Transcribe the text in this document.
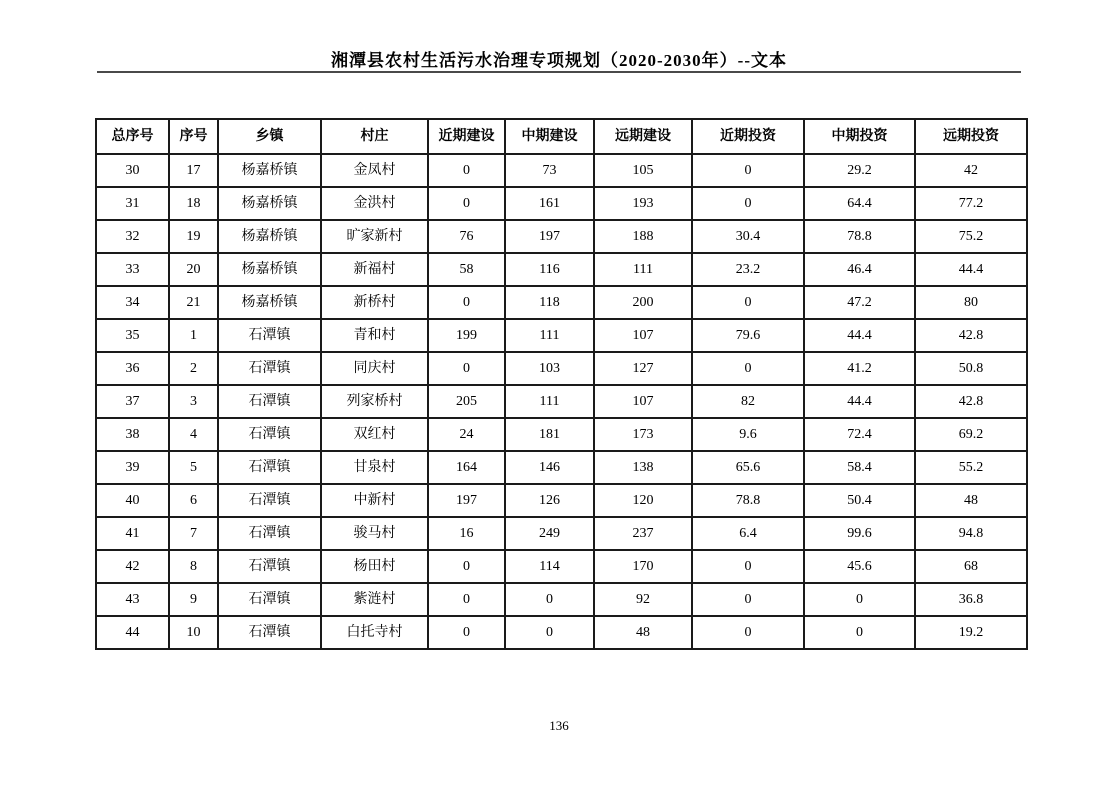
湘潭县农村生活污水治理专项规划（2020-2030年）--文本
总序号	序号	乡镇	村庄	近期建设	中期建设	远期建设	近期投资	中期投资	远期投资
30	17	杨嘉桥镇	金凤村	0	73	105	0	29.2	42
31	18	杨嘉桥镇	金洪村	0	161	193	0	64.4	77.2
32	19	杨嘉桥镇	旷家新村	76	197	188	30.4	78.8	75.2
33	20	杨嘉桥镇	新福村	58	116	111	23.2	46.4	44.4
34	21	杨嘉桥镇	新桥村	0	118	200	0	47.2	80
35	1	石潭镇	青和村	199	111	107	79.6	44.4	42.8
36	2	石潭镇	同庆村	0	103	127	0	41.2	50.8
37	3	石潭镇	列家桥村	205	111	107	82	44.4	42.8
38	4	石潭镇	双红村	24	181	173	9.6	72.4	69.2
39	5	石潭镇	甘泉村	164	146	138	65.6	58.4	55.2
40	6	石潭镇	中新村	197	126	120	78.8	50.4	48
41	7	石潭镇	骏马村	16	249	237	6.4	99.6	94.8
42	8	石潭镇	杨田村	0	114	170	0	45.6	68
43	9	石潭镇	紫涟村	0	0	92	0	0	36.8
44	10	石潭镇	白托寺村	0	0	48	0	0	19.2
136
